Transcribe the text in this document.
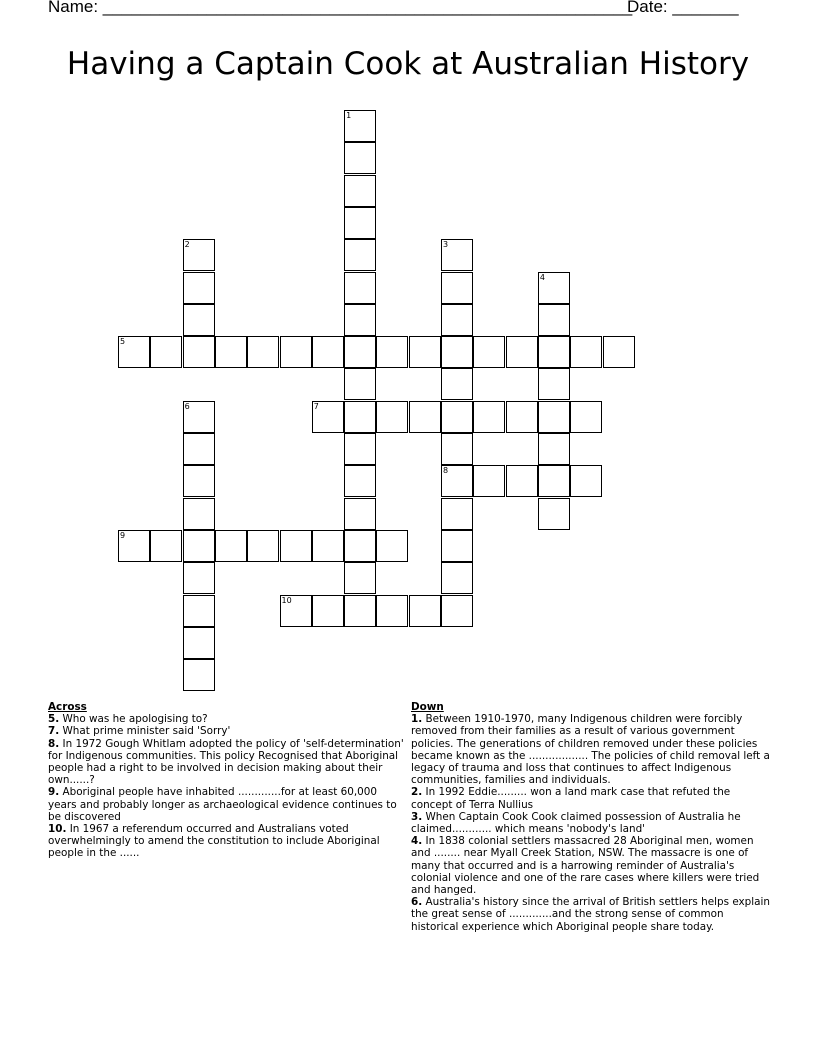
Name: ________________________________________________________
Date: _______
Having a Captain Cook at Australian History
1
2	3
8
4
5
6	7
9
10
Across

5. Who was he apologising to?

7. What prime minister said 'Sorry'

8. In 1972 Gough Whitlam adopted the policy of 'self-determination' for Indigenous communities. This policy Recognised that Aboriginal people had a right to be involved in decision making about their own......?

9. Aboriginal people have inhabited .............for at least 60,000 years and probably longer as archaeological evidence continues to be discovered

10. In 1967 a referendum occurred and Australians voted overwhelmingly to amend the constitution to include Aboriginal people in the ......

Down

1. Between 1910-1970, many Indigenous children were forcibly removed from their families as a result of various government policies. The generations of children removed under these policies became known as the .................. The policies of child removal left a legacy of trauma and loss that continues to affect Indigenous communities, families and individuals.

2. In 1992 Eddie......... won a land mark case that refuted the concept of Terra Nullius

3. When Captain Cook Cook claimed possession of Australia he claimed............ which means 'nobody's land'

4. In 1838 colonial settlers massacred 28 Aboriginal men, women and ........ near Myall Creek Station, NSW. The massacre is one of many that occurred and is a harrowing reminder of Australia's colonial violence and one of the rare cases where killers were tried and hanged.

6. Australia's history since the arrival of British settlers helps explain the great sense of .............and the strong sense of common historical experience which Aboriginal people share today.
